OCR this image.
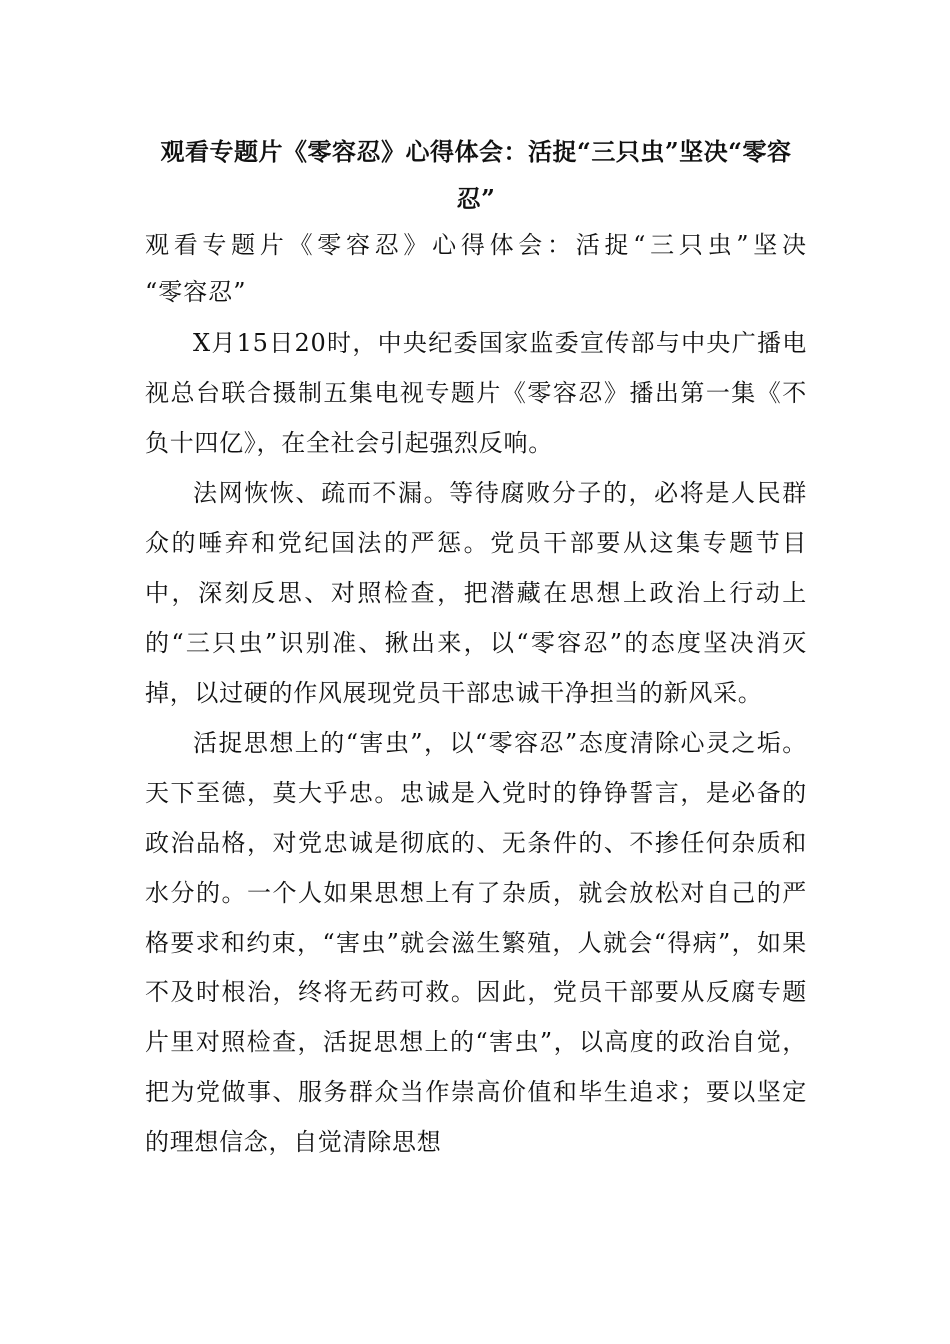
观看专题片《零容忍》心得体会：活捉“三只虫”坚决“零容忍”

观看专题片《零容忍》心得体会：活捉“三只虫”坚决

“零容忍”

X月15日20时，中央纪委国家监委宣传部与中央广播电视总台联合摄制五集电视专题片《零容忍》播出第一集《不负十四亿》，在全社会引起强烈反响。

法网恢恢、疏而不漏。等待腐败分子的，必将是人民群众的唾弃和党纪国法的严惩。党员干部要从这集专题节目中，深刻反思、对照检查，把潜藏在思想上政治上行动上的“三只虫”识别准、揪出来，以“零容忍”的态度坚决消灭掉，以过硬的作风展现党员干部忠诚干净担当的新风采。

活捉思想上的“害虫”，以“零容忍”态度清除心灵之垢。天下至德，莫大乎忠。忠诚是入党时的铮铮誓言，是必备的政治品格，对党忠诚是彻底的、无条件的、不掺任何杂质和水分的。一个人如果思想上有了杂质，就会放松对自己的严格要求和约束，“害虫”就会滋生繁殖，人就会“得病”，如果不及时根治，终将无药可救。因此，党员干部要从反腐专题片里对照检查，活捉思想上的“害虫”，以高度的政治自觉，把为党做事、服务群众当作崇高价值和毕生追求；要以坚定的理想信念，自觉清除思想
